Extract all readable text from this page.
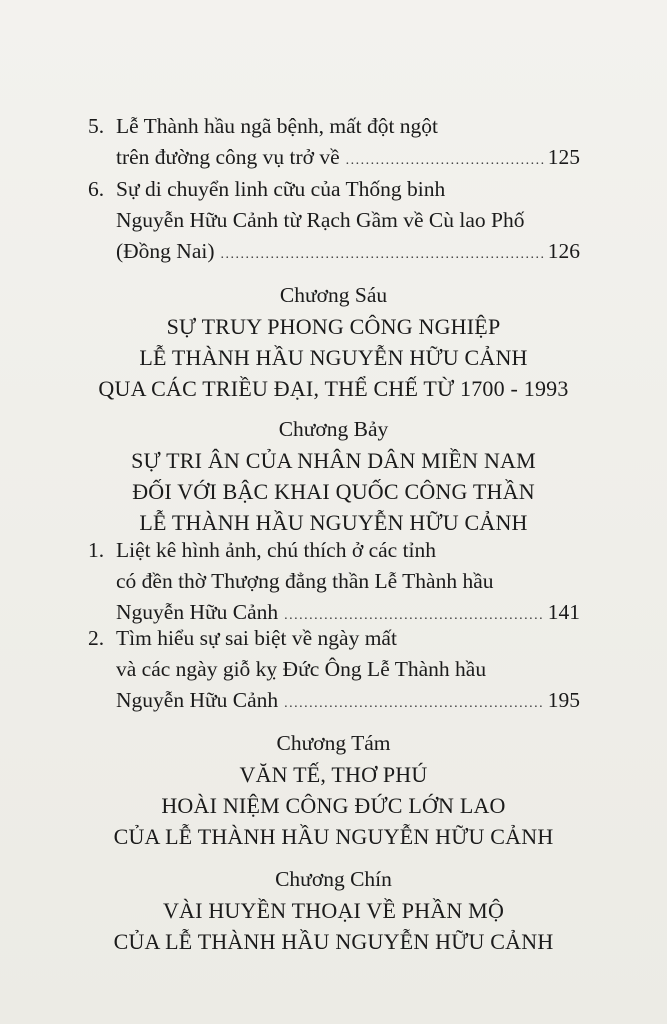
5. Lễ Thành hầu ngã bệnh, mất đột ngột
trên đường công vụ trở về .....	125
6. Sự di chuyển linh cữu của Thống binh
Nguyễn Hữu Cảnh từ Rạch Gầm về Cù lao Phố
(Đồng Nai) .....	126
Chương Sáu
SỰ TRUY PHONG CÔNG NGHIỆP
LỄ THÀNH HẦU NGUYỄN HỮU CẢNH
QUA CÁC TRIỀU ĐẠI, THỂ CHẾ TỪ 1700 - 1993
Chương Bảy
SỰ TRI ÂN CỦA NHÂN DÂN MIỀN NAM
ĐỐI VỚI BẬC KHAI QUỐC CÔNG THẦN
LỄ THÀNH HẦU NGUYỄN HỮU CẢNH
1. Liệt kê hình ảnh, chú thích ở các tỉnh
có đền thờ Thượng đẳng thần Lễ Thành hầu
Nguyễn Hữu Cảnh .....	141
2. Tìm hiểu sự sai biệt về ngày mất
và các ngày giỗ kỵ Đức Ông Lễ Thành hầu
Nguyễn Hữu Cảnh .....	195
Chương Tám
VĂN TẾ, THƠ PHÚ
HOÀI NIỆM CÔNG ĐỨC LỚN LAO
CỦA LỄ THÀNH HẦU NGUYỄN HỮU CẢNH
Chương Chín
VÀI HUYỀN THOẠI VỀ PHẦN MỘ
CỦA LỄ THÀNH HẦU NGUYỄN HỮU CẢNH
